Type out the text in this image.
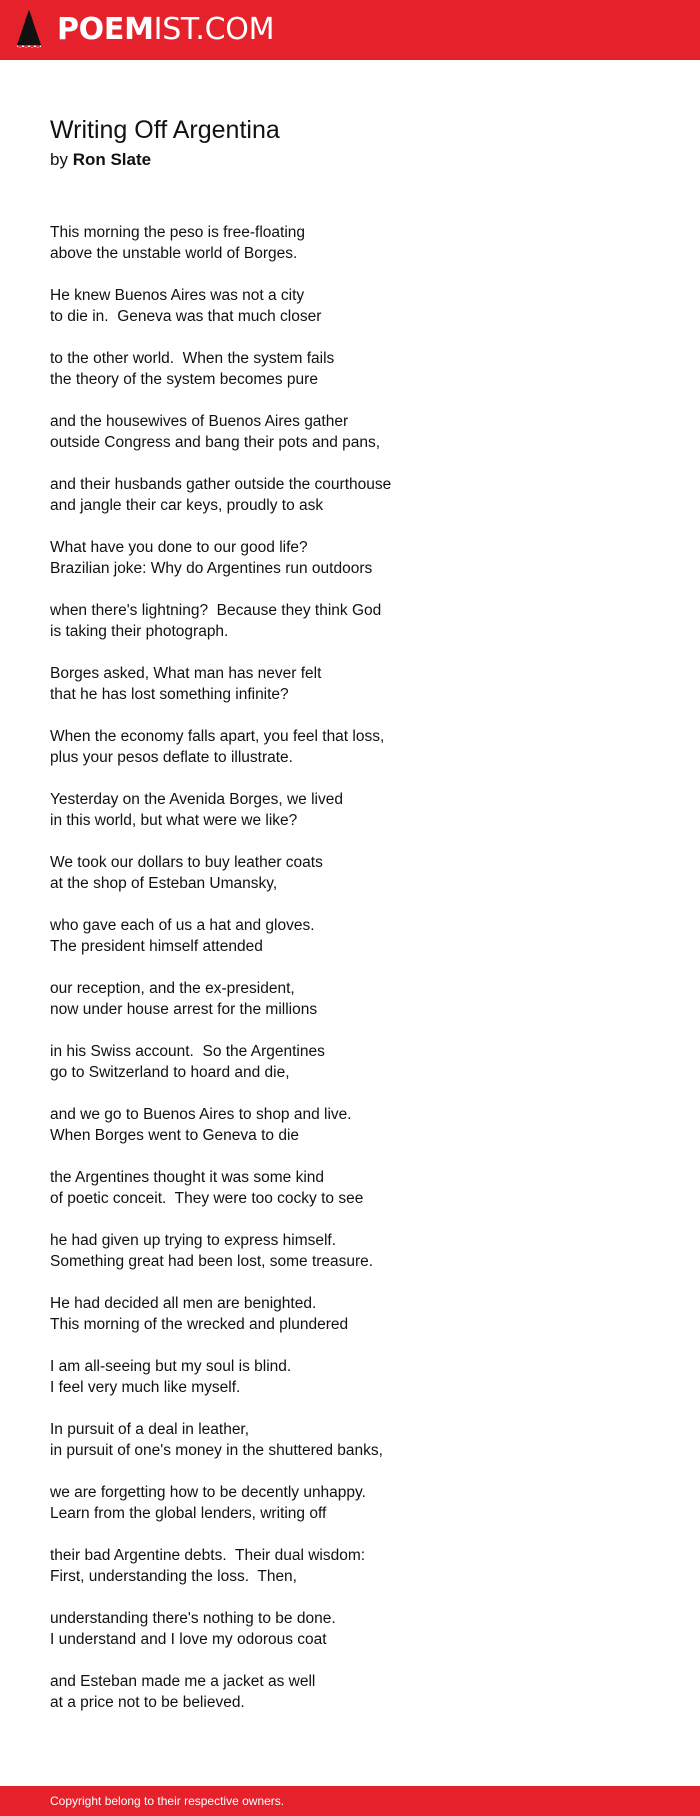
POEMIST.COM
Writing Off Argentina
by Ron Slate

This morning the peso is free-floating
above the unstable world of Borges.

He knew Buenos Aires was not a city
to die in.  Geneva was that much closer

to the other world.  When the system fails
the theory of the system becomes pure

and the housewives of Buenos Aires gather
outside Congress and bang their pots and pans,

and their husbands gather outside the courthouse
and jangle their car keys, proudly to ask

What have you done to our good life?
Brazilian joke: Why do Argentines run outdoors

when there's lightning?  Because they think God
is taking their photograph.

Borges asked, What man has never felt
that he has lost something infinite?

When the economy falls apart, you feel that loss,
plus your pesos deflate to illustrate.

Yesterday on the Avenida Borges, we lived
in this world, but what were we like?

We took our dollars to buy leather coats
at the shop of Esteban Umansky,

who gave each of us a hat and gloves.
The president himself attended

our reception, and the ex-president,
now under house arrest for the millions

in his Swiss account.  So the Argentines
go to Switzerland to hoard and die,

and we go to Buenos Aires to shop and live.
When Borges went to Geneva to die

the Argentines thought it was some kind
of poetic conceit.  They were too cocky to see

he had given up trying to express himself.
Something great had been lost, some treasure.

He had decided all men are benighted.
This morning of the wrecked and plundered

I am all-seeing but my soul is blind.
I feel very much like myself.

In pursuit of a deal in leather,
in pursuit of one's money in the shuttered banks,

we are forgetting how to be decently unhappy.
Learn from the global lenders, writing off

their bad Argentine debts.  Their dual wisdom:
First, understanding the loss.  Then,

understanding there's nothing to be done.
I understand and I love my odorous coat

and Esteban made me a jacket as well
at a price not to be believed.

Copyright belong to their respective owners.
